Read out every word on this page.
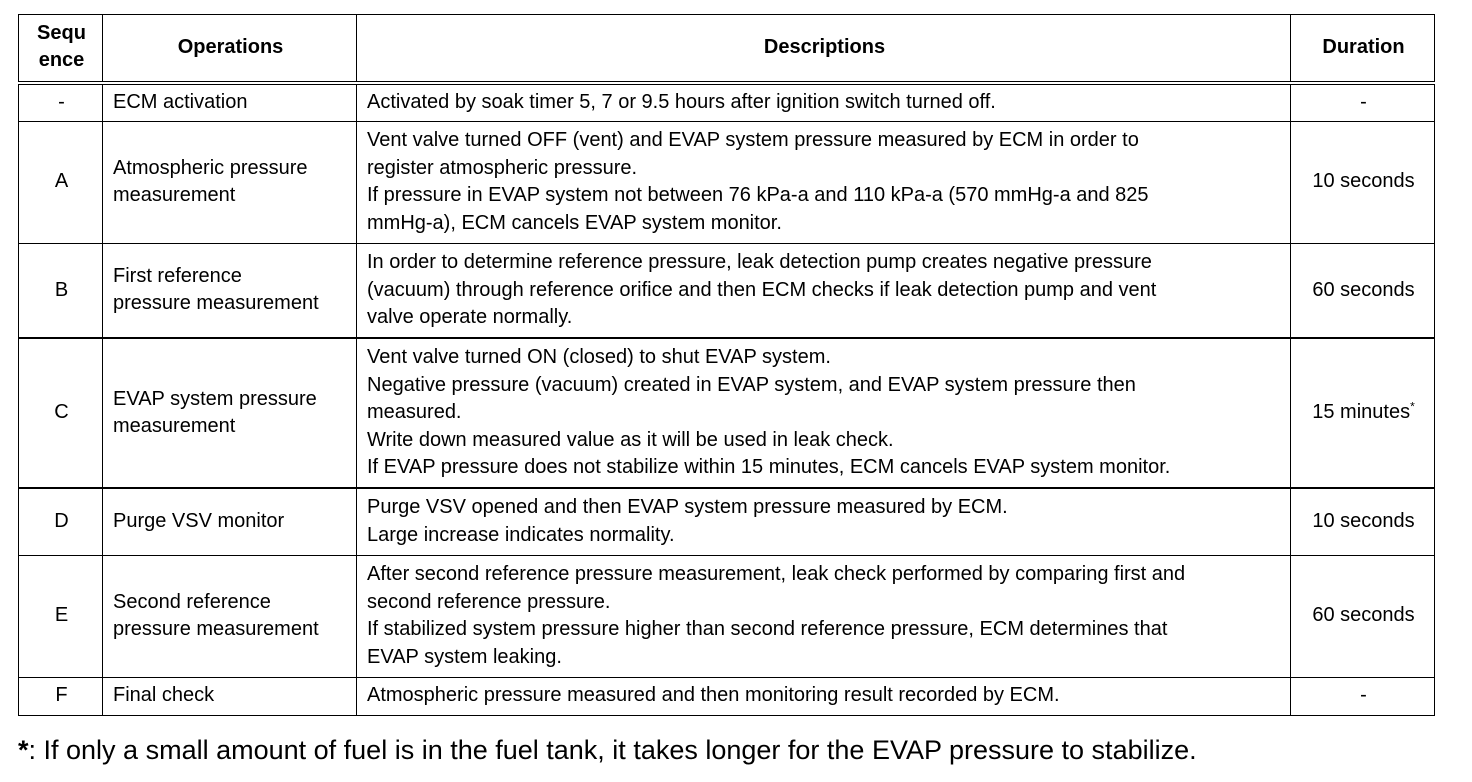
Sequ
ence	Operations	Descriptions	Duration
-	ECM activation	Activated by soak timer 5, 7 or 9.5 hours after ignition switch turned off.	-
A	Atmospheric pressure
measurement	Vent valve turned OFF (vent) and EVAP system pressure measured by ECM in order to
register atmospheric pressure.
If pressure in EVAP system not between 76 kPa-a and 110 kPa-a (570 mmHg-a and 825
mmHg-a), ECM cancels EVAP system monitor.	10 seconds
B	First reference
pressure measurement	In order to determine reference pressure, leak detection pump creates negative pressure
(vacuum) through reference orifice and then ECM checks if leak detection pump and vent
valve operate normally.	60 seconds
C	EVAP system pressure
measurement	Vent valve turned ON (closed) to shut EVAP system.
Negative pressure (vacuum) created in EVAP system, and EVAP system pressure then
measured.
Write down measured value as it will be used in leak check.
If EVAP pressure does not stabilize within 15 minutes, ECM cancels EVAP system monitor.	15 minutes*
D	Purge VSV monitor	Purge VSV opened and then EVAP system pressure measured by ECM.
Large increase indicates normality.	10 seconds
E	Second reference
pressure measurement	After second reference pressure measurement, leak check performed by comparing first and
second reference pressure.
If stabilized system pressure higher than second reference pressure, ECM determines that
EVAP system leaking.	60 seconds
F	Final check	Atmospheric pressure measured and then monitoring result recorded by ECM.	-
*: If only a small amount of fuel is in the fuel tank, it takes longer for the EVAP pressure to stabilize.
